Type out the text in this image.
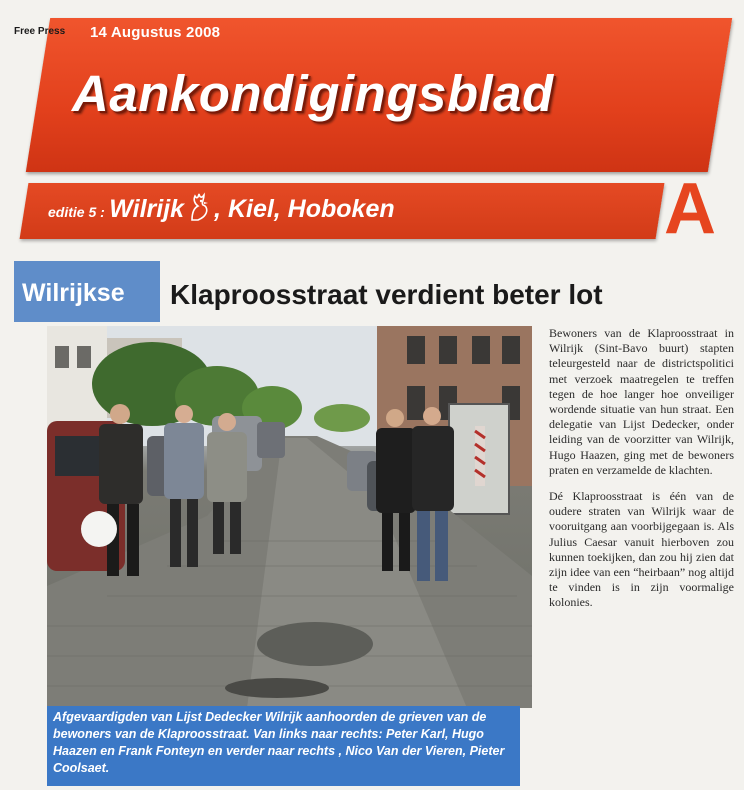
Free Press 14 Augustus 2008
Aankondigingsblad
editie 5 : Wilrijk , Kiel, Hoboken	A
Wilrijkse	Klaproosstraat verdient beter lot
Afgevaardigden van Lijst Dedecker Wilrijk aanhoorden de grieven van de bewoners van de Klaproosstraat. Van links naar rechts: Peter Karl, Hugo Haazen en Frank Fonteyn en verder naar rechts , Nico Van der Vieren, Pieter Coolsaet.

Bewoners van de Klaproosstraat in Wilrijk (Sint-Bavo buurt) stapten teleurgesteld naar de districtspolitici met verzoek maatregelen te treffen tegen de hoe langer hoe onveiliger wordende situatie van hun straat. Een delegatie van Lijst Dedecker, onder leiding van de voorzitter van Wilrijk, Hugo Haazen, ging met de bewoners praten en verzamelde de klachten.

Dé Klaproosstraat is één van de oudere straten van Wilrijk waar de vooruitgang aan voorbijgegaan is. Als Julius Caesar vanuit hierboven zou kunnen toekijken, dan zou hij zien dat zijn idee van een “heirbaan” nog altijd te vinden is in zijn voormalige kolonies.
